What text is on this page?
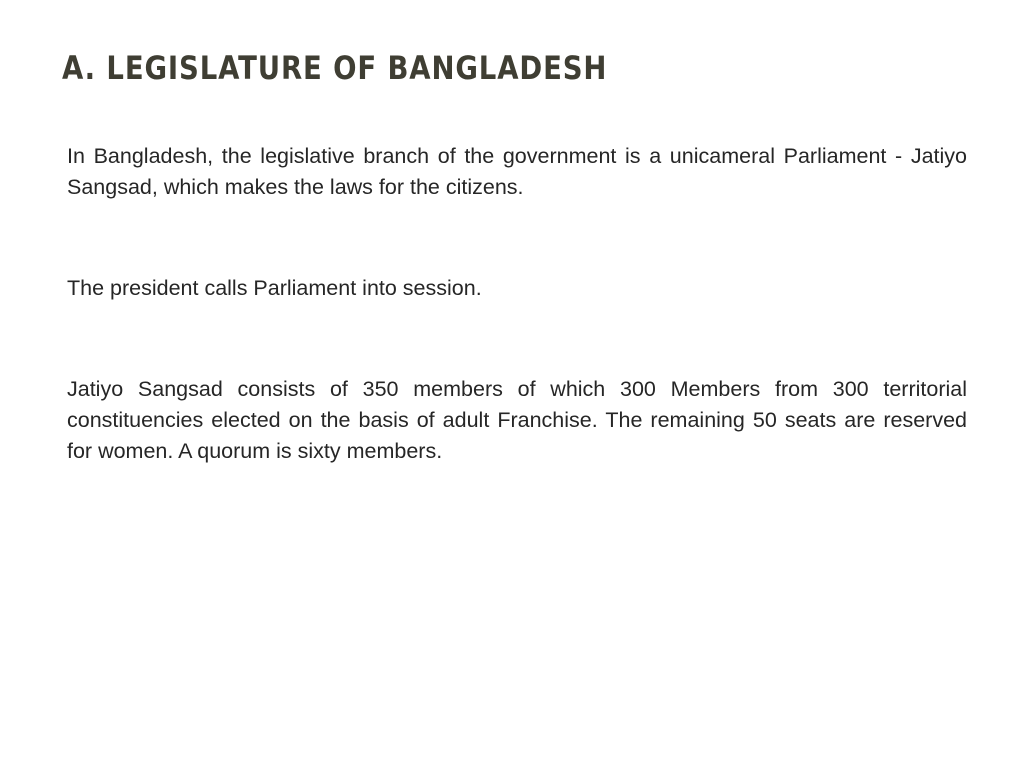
A. LEGISLATURE OF BANGLADESH

In Bangladesh, the legislative branch of the government is a unicameral Parliament - Jatiyo Sangsad, which makes the laws for the citizens.

The president calls Parliament into session.

Jatiyo Sangsad consists of 350 members of which 300 Members from 300 territorial constituencies elected on the basis of adult Franchise. The remaining 50 seats are reserved for women. A quorum is sixty members.
